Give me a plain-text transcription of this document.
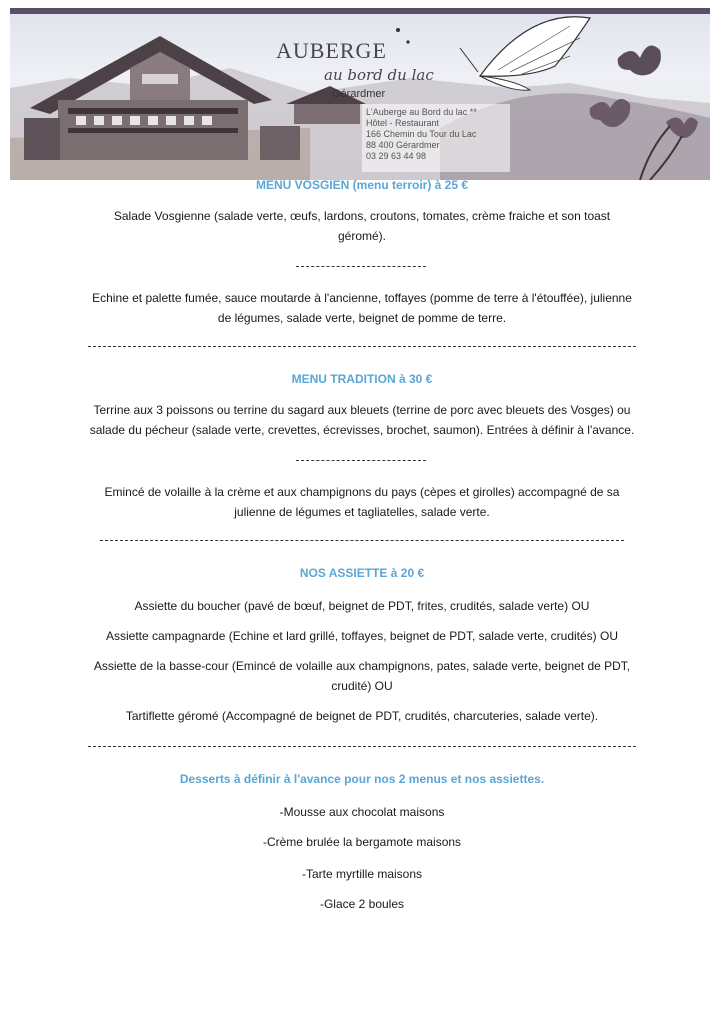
AUBERGE
au bord du lac
Gérardmer
L'Auberge au Bord du lac **
Hôtel - Restaurant
166 Chemin du Tour du Lac
88 400 Gérardmer
03 29 63 44 98
MENU VOSGIEN (menu terroir) à 25 €
Salade Vosgienne (salade verte, œufs, lardons, croutons, tomates, crème fraiche et son toast géromé).
Echine et palette fumée, sauce moutarde à l'ancienne, toffayes (pomme de terre à l'étouffée), julienne de légumes, salade verte, beignet de pomme de terre.
MENU TRADITION à 30 €
Terrine aux 3 poissons ou terrine du sagard aux bleuets (terrine de porc avec bleuets des Vosges) ou salade du pécheur (salade verte, crevettes, écrevisses, brochet, saumon). Entrées à définir à l'avance.
Emincé de volaille à la crème et aux champignons du pays (cèpes et girolles) accompagné de sa julienne de légumes et tagliatelles, salade verte.
NOS ASSIETTE à 20 €
Assiette du boucher (pavé de bœuf, beignet de PDT, frites, crudités, salade verte) OU
Assiette campagnarde (Echine et lard grillé, toffayes, beignet de PDT, salade verte, crudités) OU
Assiette de la basse-cour (Emincé de volaille aux champignons, pates, salade verte, beignet de PDT, crudité) OU
Tartiflette géromé (Accompagné de beignet de PDT, crudités, charcuteries, salade verte).
Desserts à définir à l'avance pour nos 2 menus et nos assiettes.
-Mousse aux chocolat maisons
-Crème brulée la bergamote maisons
-Tarte myrtille maisons
-Glace 2 boules
